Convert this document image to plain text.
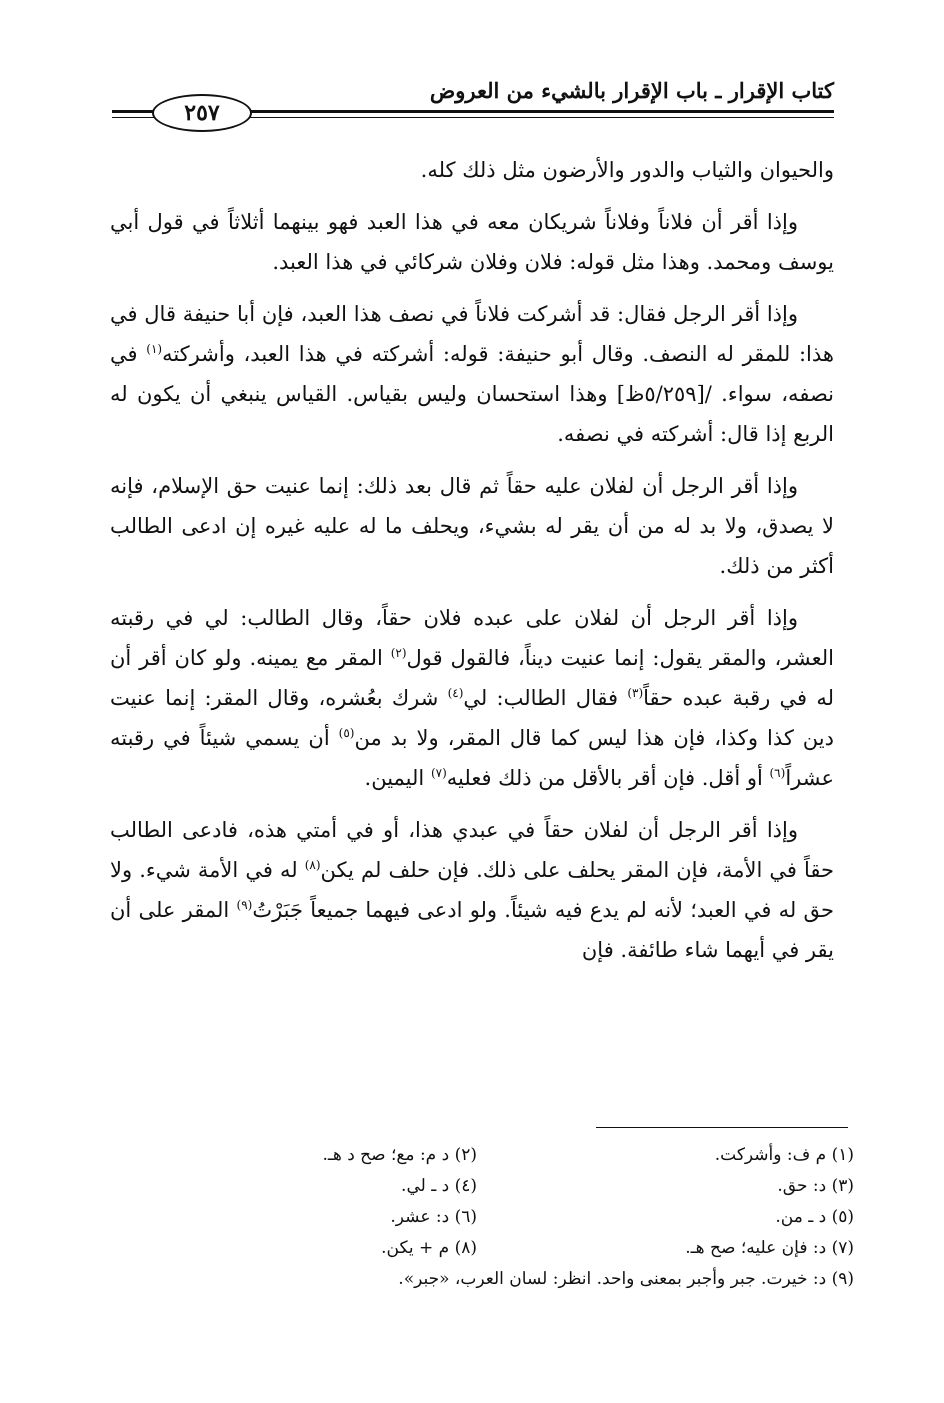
كتاب الإقرار ـ باب الإقرار بالشيء من العروض
٢٥٧

والحيوان والثياب والدور والأرضون مثل ذلك كله.

وإذا أقر أن فلاناً وفلاناً شريكان معه في هذا العبد فهو بينهما أثلاثاً في قول أبي يوسف ومحمد. وهذا مثل قوله: فلان وفلان شركائي في هذا العبد.

وإذا أقر الرجل فقال: قد أشركت فلاناً في نصف هذا العبد، فإن أبا حنيفة قال في هذا: للمقر له النصف. وقال أبو حنيفة: قوله: أشركته في هذا العبد، وأشركته$^{(١)}$ في نصفه، سواء. /[٥/٢٥٩ظ] وهذا استحسان وليس بقياس. القياس ينبغي أن يكون له الربع إذا قال: أشركته في نصفه.

وإذا أقر الرجل أن لفلان عليه حقاً ثم قال بعد ذلك: إنما عنيت حق الإسلام، فإنه لا يصدق، ولا بد له من أن يقر له بشيء، ويحلف ما له عليه غيره إن ادعى الطالب أكثر من ذلك.

وإذا أقر الرجل أن لفلان على عبده فلان حقاً، وقال الطالب: لي في رقبته العشر، والمقر يقول: إنما عنيت ديناً، فالقول قول$^{(٢)}$ المقر مع يمينه. ولو كان أقر أن له في رقبة عبده حقاً$^{(٣)}$ فقال الطالب: لي$^{(٤)}$ شرك بعُشره، وقال المقر: إنما عنيت دين كذا وكذا، فإن هذا ليس كما قال المقر، ولا بد من$^{(٥)}$ أن يسمي شيئاً في رقبته عشراً$^{(٦)}$ أو أقل. فإن أقر بالأقل من ذلك فعليه$^{(٧)}$ اليمين.

وإذا أقر الرجل أن لفلان حقاً في عبدي هذا، أو في أمتي هذه، فادعى الطالب حقاً في الأمة، فإن المقر يحلف على ذلك. فإن حلف لم يكن$^{(٨)}$ له في الأمة شيء. ولا حق له في العبد؛ لأنه لم يدع فيه شيئاً. ولو ادعى فيهما جميعاً جَبَرْتُ$^{(٩)}$ المقر على أن يقر في أيهما شاء طائفة. فإن

(١) م ف: وأشركت.
(٢) د م: مع؛ صح د هـ.
(٣) د: حق.
(٤) د ـ لي.
(٥) د ـ من.
(٦) د: عشر.
(٧) د: فإن عليه؛ صح هـ.
(٨) م + يكن.
(٩) د: خيرت. جبر وأجبر بمعنى واحد. انظر: لسان العرب، «جبر».
